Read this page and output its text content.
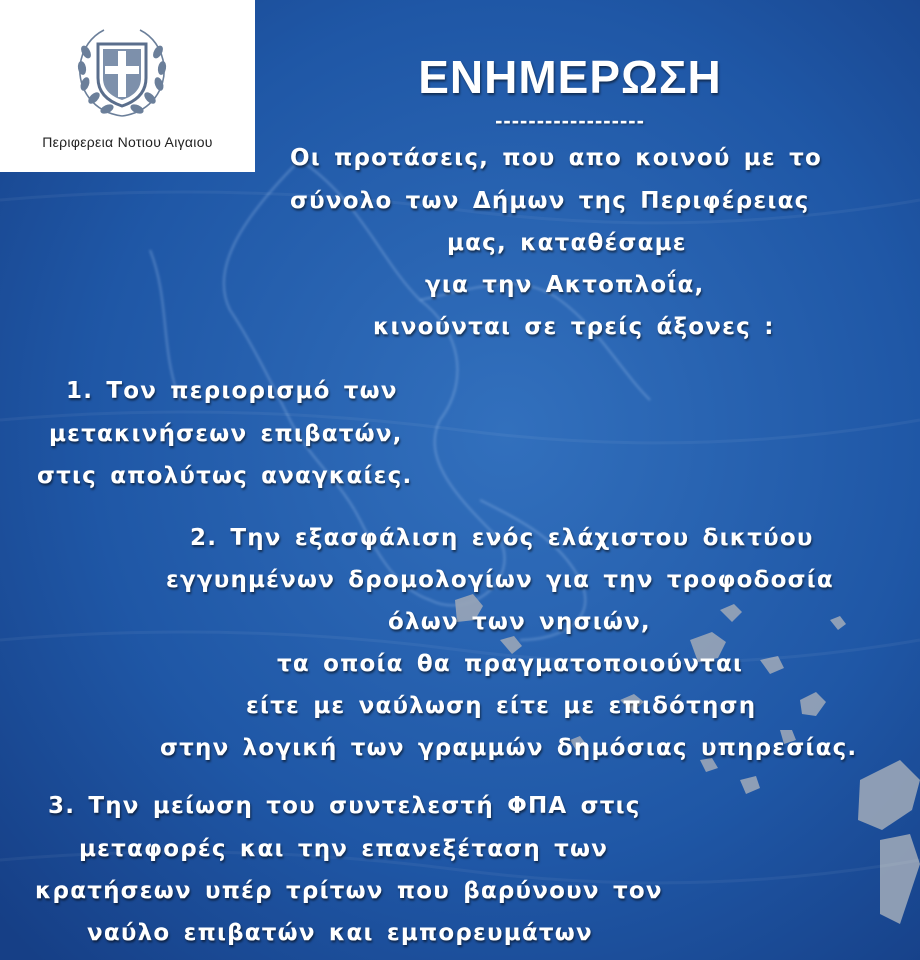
Περιφερεια Νοτιου Αιγαιου
ΕΝΗΜΕΡΩΣΗ
------------------
Οι προτάσεις, που απο κοινού με το
σύνολο των Δήμων της Περιφέρειας
μας, καταθέσαμε
για την Ακτοπλοΐα,
κινούνται σε τρείς άξονες :
1. Τον περιορισμό των
μετακινήσεων επιβατών,
στις απολύτως αναγκαίες.
2. Την εξασφάλιση ενός ελάχιστου δικτύου
εγγυημένων δρομολογίων για την τροφοδοσία
όλων των νησιών,
τα οποία θα πραγματοποιούνται
είτε με ναύλωση είτε με επιδότηση
στην λογική των γραμμών δημόσιας υπηρεσίας.
3. Την μείωση του συντελεστή ΦΠΑ στις
μεταφορές και την επανεξέταση των
κρατήσεων υπέρ τρίτων που βαρύνουν τον
ναύλο επιβατών και εμπορευμάτων
